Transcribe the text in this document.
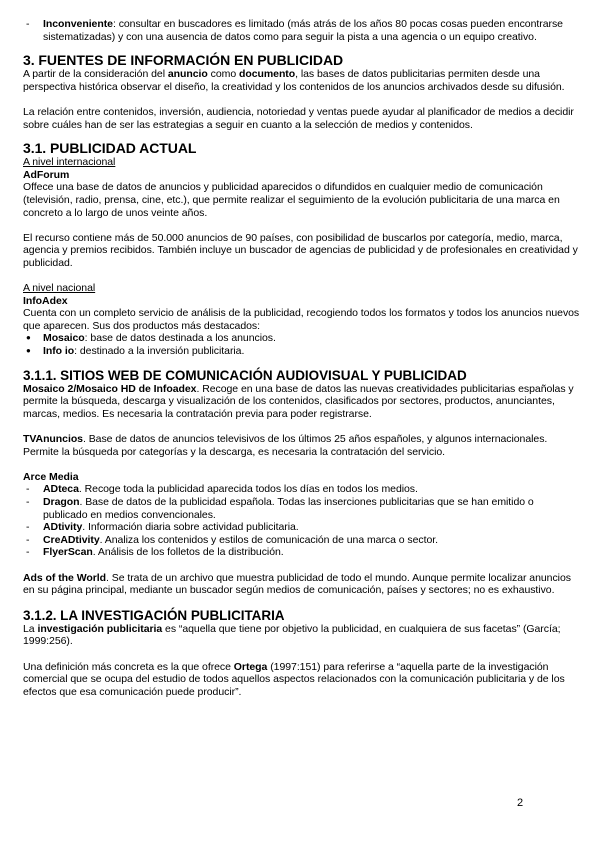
- Inconveniente: consultar en buscadores es limitado (más atrás de los años 80 pocas cosas pueden encontrarse sistematizadas) y con una ausencia de datos como para seguir la pista a una agencia o un equipo creativo.

3. FUENTES DE INFORMACIÓN EN PUBLICIDAD

A partir de la consideración del anuncio como documento, las bases de datos publicitarias permiten desde una perspectiva histórica observar el diseño, la creatividad y los contenidos de los anuncios archivados desde su difusión.

La relación entre contenidos, inversión, audiencia, notoriedad y ventas puede ayudar al planificador de medios a decidir sobre cuáles han de ser las estrategias a seguir en cuanto a la selección de medios y contenidos.

3.1. PUBLICIDAD ACTUAL

A nivel internacional

AdForum

Offece una base de datos de anuncios y publicidad aparecidos o difundidos en cualquier medio de comunicación (televisión, radio, prensa, cine, etc.), que permite realizar el seguimiento de la evolución publicitaria de una marca en concreto a lo largo de unos veinte años.

El recurso contiene más de 50.000 anuncios de 90 países, con posibilidad de buscarlos por categoría, medio, marca, agencia y premios recibidos. También incluye un buscador de agencias de publicidad y de profesionales en creatividad y publicidad.

A nivel nacional

InfoAdex

Cuenta con un completo servicio de análisis de la publicidad, recogiendo todos los formatos y todos los anuncios nuevos que aparecen. Sus dos productos más destacados:

● Mosaico: base de datos destinada a los anuncios.
● Info io: destinado a la inversión publicitaria.

3.1.1. SITIOS WEB DE COMUNICACIÓN AUDIOVISUAL Y PUBLICIDAD

Mosaico 2/Mosaico HD de Infoadex. Recoge en una base de datos las nuevas creatividades publicitarias españolas y permite la búsqueda, descarga y visualización de los contenidos, clasificados por sectores, productos, anunciantes, marcas, medios. Es necesaria la contratación previa para poder registrarse.

TVAnuncios. Base de datos de anuncios televisivos de los últimos 25 años españoles, y algunos internacionales. Permite la búsqueda por categorías y la descarga, es necesaria la contratación del servicio.

Arce Media

- ADteca. Recoge toda la publicidad aparecida todos los días en todos los medios.
- Dragon. Base de datos de la publicidad española. Todas las inserciones publicitarias que se han emitido o publicado en medios convencionales.
- ADtivity. Información diaria sobre actividad publicitaria.
- CreADtivity. Analiza los contenidos y estilos de comunicación de una marca o sector.
- FlyerScan. Análisis de los folletos de la distribución.

Ads of the World. Se trata de un archivo que muestra publicidad de todo el mundo. Aunque permite localizar anuncios en su página principal, mediante un buscador según medios de comunicación, países y sectores; no es exhaustivo.

3.1.2. LA INVESTIGACIÓN PUBLICITARIA

La investigación publicitaria es “aquella que tiene por objetivo la publicidad, en cualquiera de sus facetas” (García; 1999:256).

Una definición más concreta es la que ofrece Ortega (1997:151) para referirse a “aquella parte de la investigación comercial que se ocupa del estudio de todos aquellos aspectos relacionados con la comunicación publicitaria y de los efectos que esa comunicación puede producir”.

2
